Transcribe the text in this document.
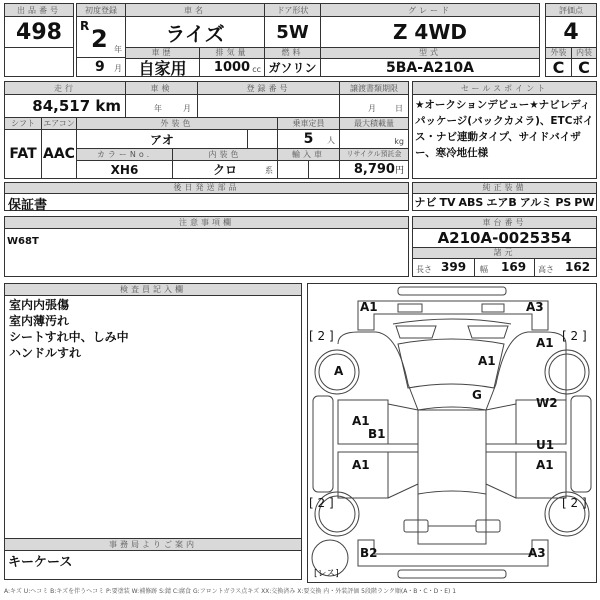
出品番号
498
初度登録
R 2 年
9 月
車名
ライズ
車歴
自家用
排気量
1000 cc
ドア形状
5W
燃料
ガソリン
グレード
Z 4WD
型式
5BA-A210A
評価点
4
外装	内装
C C
走行
84,517 km
車検
年	月
登録番号	譲渡書類期限
月 日
シフト	エアコン
FAT AAC
外装色
アオ
カラーNo.
XH6
内装色
クロ	系
乗車定員
5 人
輸入車
最大積載量
kg
リサイクル預託金
8,790 円
セールスポイント
★オークションデビュー★ナビレディパッケージ(バックカメラ)、ETCボイス・ナビ連動タイプ、サイドバイザー、寒冷地仕様
後日発送部品
保証書
純正装備
ナビ TV ABS エアB アルミ PS PW
注意事項欄
W68T
車台番号
A210A-0025354
諸元
長さ 399 幅 169 高さ 162
検査員記入欄
室内内張傷
室内薄汚れ
シートすれ中、しみ中
ハンドルすれ
事務局よりご案内
キーケース
A1	A3
[ 2 ]	[ 2 ]
A1
A1
A
G
A1
B1
W2
U1
A1	A1
[ 2 ]	[ 2 ]
B2	A3
[レス]
A:キズ U:ヘコミ B:キズを伴うヘコミ P:要塗装 W:補修跡 S:錆 C:腐食 G:フロントガラス点キズ XX:交換済み X:要交換 内・外装評価 5段階ランク順(A・B・C・D・E) 1
